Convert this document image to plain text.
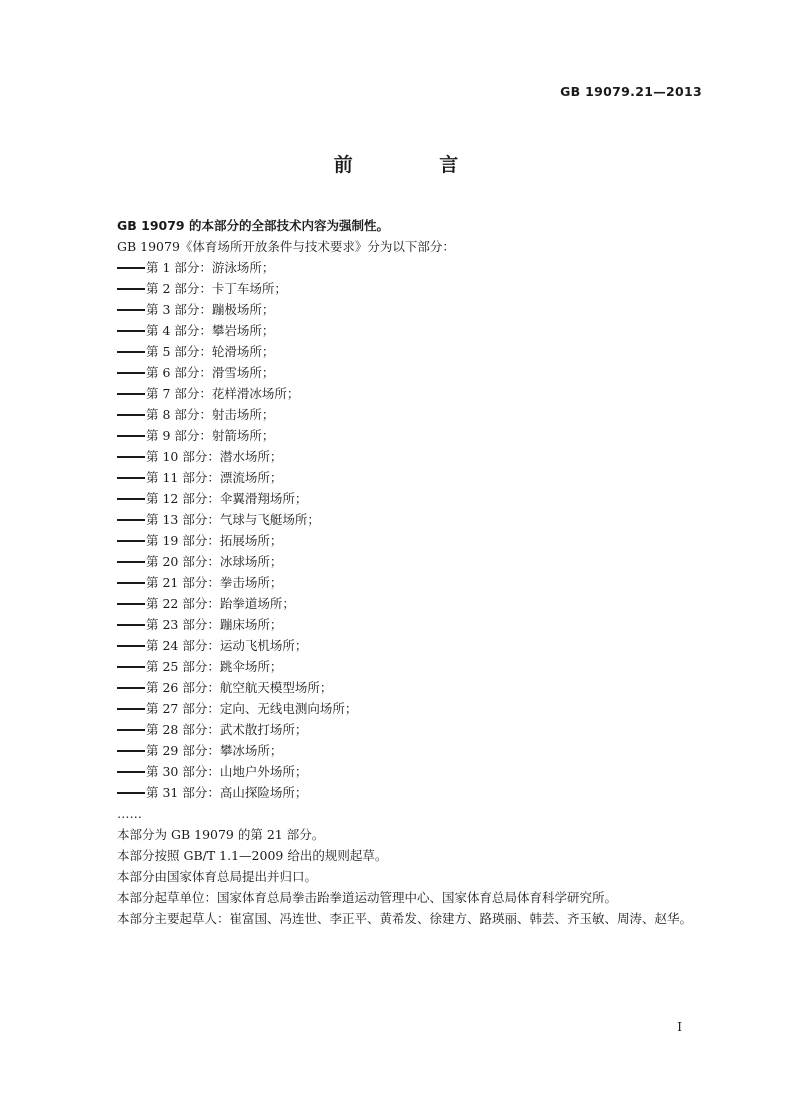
GB 19079.21—2013
前 言
GB 19079 的本部分的全部技术内容为强制性。
GB 19079《体育场所开放条件与技术要求》分为以下部分：
第 1 部分：游泳场所；
第 2 部分：卡丁车场所；
第 3 部分：蹦极场所；
第 4 部分：攀岩场所；
第 5 部分：轮滑场所；
第 6 部分：滑雪场所；
第 7 部分：花样滑冰场所；
第 8 部分：射击场所；
第 9 部分：射箭场所；
第 10 部分：潜水场所；
第 11 部分：漂流场所；
第 12 部分：伞翼滑翔场所；
第 13 部分：气球与飞艇场所；
第 19 部分：拓展场所；
第 20 部分：冰球场所；
第 21 部分：拳击场所；
第 22 部分：跆拳道场所；
第 23 部分：蹦床场所；
第 24 部分：运动飞机场所；
第 25 部分：跳伞场所；
第 26 部分：航空航天模型场所；
第 27 部分：定向、无线电测向场所；
第 28 部分：武术散打场所；
第 29 部分：攀冰场所；
第 30 部分：山地户外场所；
第 31 部分：高山探险场所；
……
本部分为 GB 19079 的第 21 部分。
本部分按照 GB/T 1.1—2009 给出的规则起草。
本部分由国家体育总局提出并归口。
本部分起草单位：国家体育总局拳击跆拳道运动管理中心、国家体育总局体育科学研究所。
本部分主要起草人：崔富国、冯连世、李正平、黄希发、徐建方、路瑛丽、韩芸、齐玉敏、周涛、赵华。
I
